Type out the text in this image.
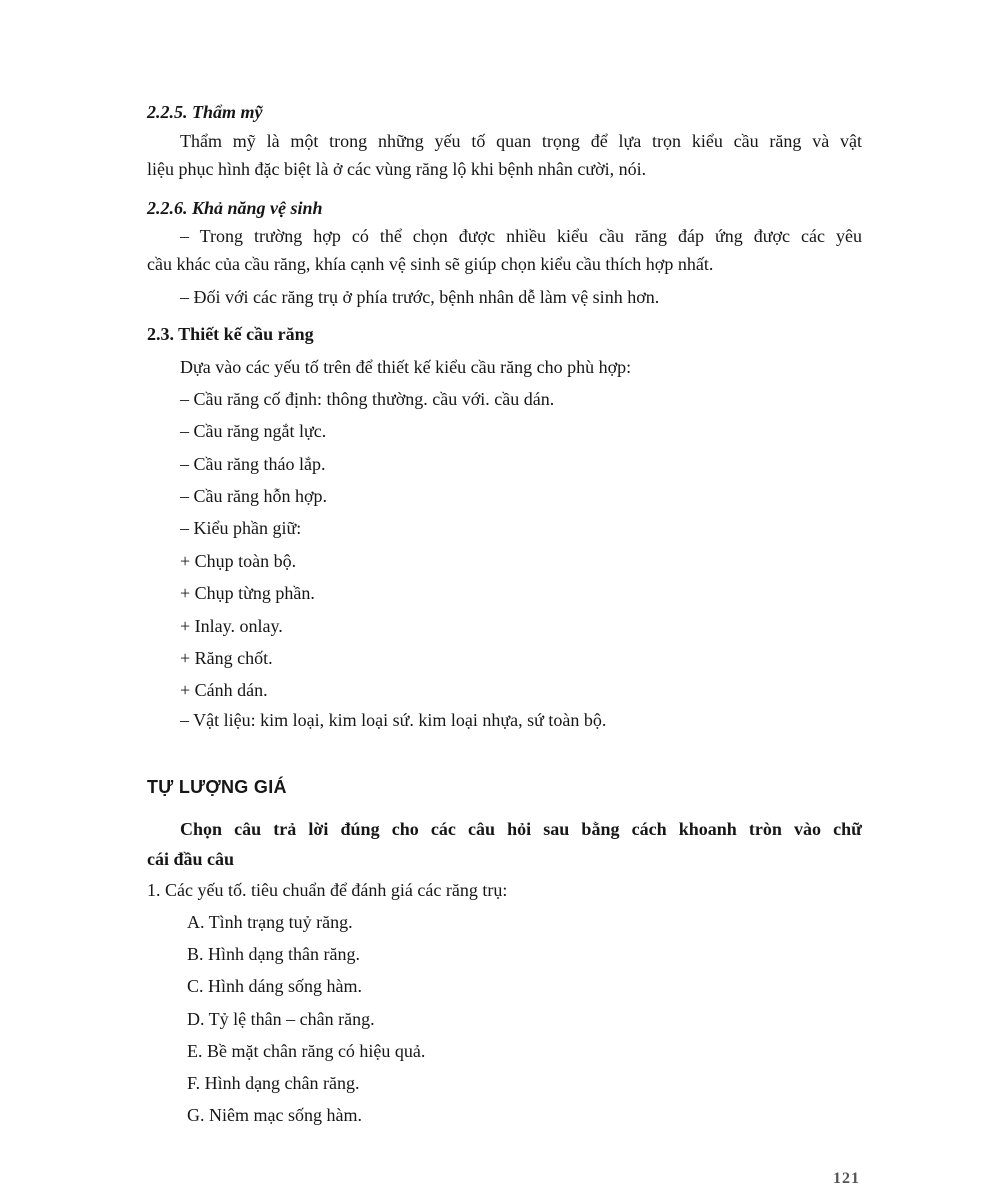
2.2.5. Thẩm mỹ
Thẩm mỹ là một trong những yếu tố quan trọng để lựa trọn kiểu cầu răng và vật
liệu phục hình đặc biệt là ở các vùng răng lộ khi bệnh nhân cười, nói.
2.2.6. Khả năng vệ sinh
– Trong trường hợp có thể chọn được nhiều kiểu cầu răng đáp ứng được các yêu
cầu khác của cầu răng, khía cạnh vệ sinh sẽ giúp chọn kiểu cầu thích hợp nhất.
– Đối với các răng trụ ở phía trước, bệnh nhân dễ làm vệ sinh hơn.
2.3. Thiết kế cầu răng
Dựa vào các yếu tố trên để thiết kế kiểu cầu răng cho phù hợp:
– Cầu răng cố định: thông thường. cầu với. cầu dán.
– Cầu răng ngắt lực.
– Cầu răng tháo lắp.
– Cầu răng hỗn hợp.
– Kiểu phần giữ:
+ Chụp toàn bộ.
+ Chụp từng phần.
+ Inlay. onlay.
+ Răng chốt.
+ Cánh dán.
– Vật liệu: kim loại, kim loại sứ. kim loại nhựa, sứ toàn bộ.
TỰ LƯỢNG GIÁ
Chọn câu trả lời đúng cho các câu hỏi sau bằng cách khoanh tròn vào chữ
cái đầu câu
1. Các yếu tố. tiêu chuẩn để đánh giá các răng trụ:
A. Tình trạng tuỷ răng.
B. Hình dạng thân răng.
C. Hình dáng sống hàm.
D. Tỷ lệ thân – chân răng.
E. Bề mặt chân răng có hiệu quả.
F. Hình dạng chân răng.
G. Niêm mạc sống hàm.
121
